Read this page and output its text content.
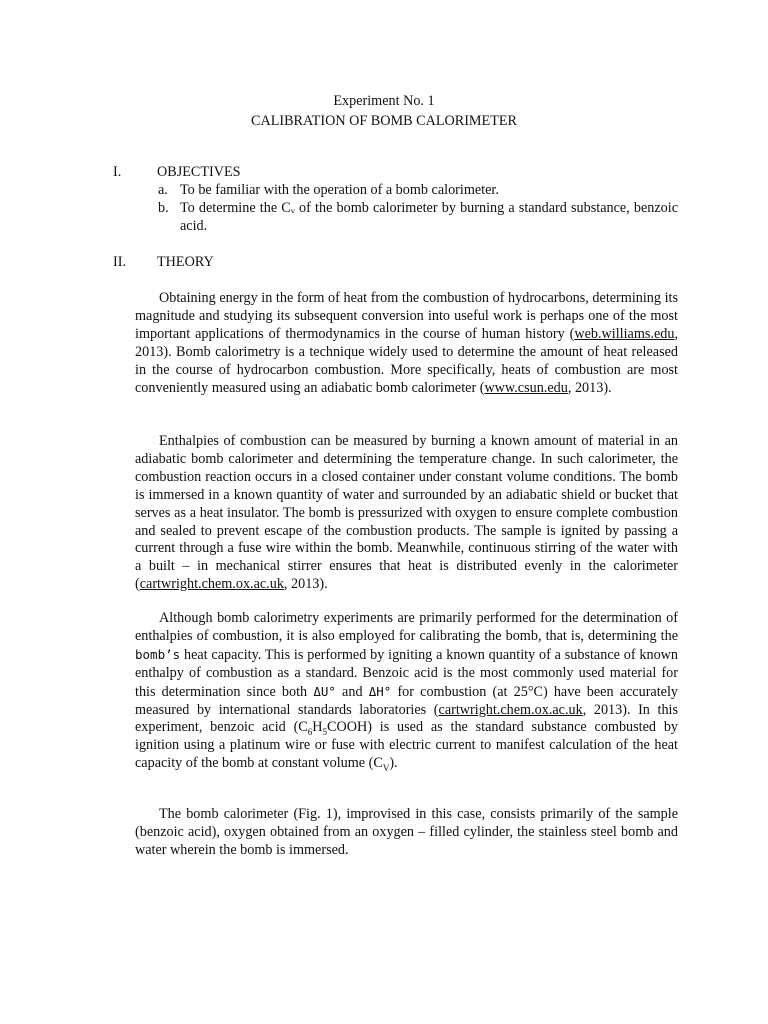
Experiment No. 1
CALIBRATION OF BOMB CALORIMETER
I.	OBJECTIVES
a. To be familiar with the operation of a bomb calorimeter.
b. To determine the Cᵥ of the bomb calorimeter by burning a standard substance, benzoic acid.
II. THEORY
Obtaining energy in the form of heat from the combustion of hydrocarbons, determining its magnitude and studying its subsequent conversion into useful work is perhaps one of the most important applications of thermodynamics in the course of human history (web.williams.edu, 2013). Bomb calorimetry is a technique widely used to determine the amount of heat released in the course of hydrocarbon combustion. More specifically, heats of combustion are most conveniently measured using an adiabatic bomb calorimeter (www.csun.edu, 2013).
Enthalpies of combustion can be measured by burning a known amount of material in an adiabatic bomb calorimeter and determining the temperature change. In such calorimeter, the combustion reaction occurs in a closed container under constant volume conditions. The bomb is immersed in a known quantity of water and surrounded by an adiabatic shield or bucket that serves as a heat insulator. The bomb is pressurized with oxygen to ensure complete combustion and sealed to prevent escape of the combustion products. The sample is ignited by passing a current through a fuse wire within the bomb. Meanwhile, continuous stirring of the water with a built – in mechanical stirrer ensures that heat is distributed evenly in the calorimeter (cartwright.chem.ox.ac.uk, 2013).
Although bomb calorimetry experiments are primarily performed for the determination of enthalpies of combustion, it is also employed for calibrating the bomb, that is, determining the bomb’s heat capacity. This is performed by igniting a known quantity of a substance of known enthalpy of combustion as a standard. Benzoic acid is the most commonly used material for this determination since both ΔU° and ΔH° for combustion (at 25°C) have been accurately measured by international standards laboratories (cartwright.chem.ox.ac.uk, 2013). In this experiment, benzoic acid $(C_6H_5COOH)$ is used as the standard substance combusted by ignition using a platinum wire or fuse with electric current to manifest calculation of the heat capacity of the bomb at constant volume $(C_V)$.
The bomb calorimeter (Fig. 1), improvised in this case, consists primarily of the sample (benzoic acid), oxygen obtained from an oxygen – filled cylinder, the stainless steel bomb and water wherein the bomb is immersed.
